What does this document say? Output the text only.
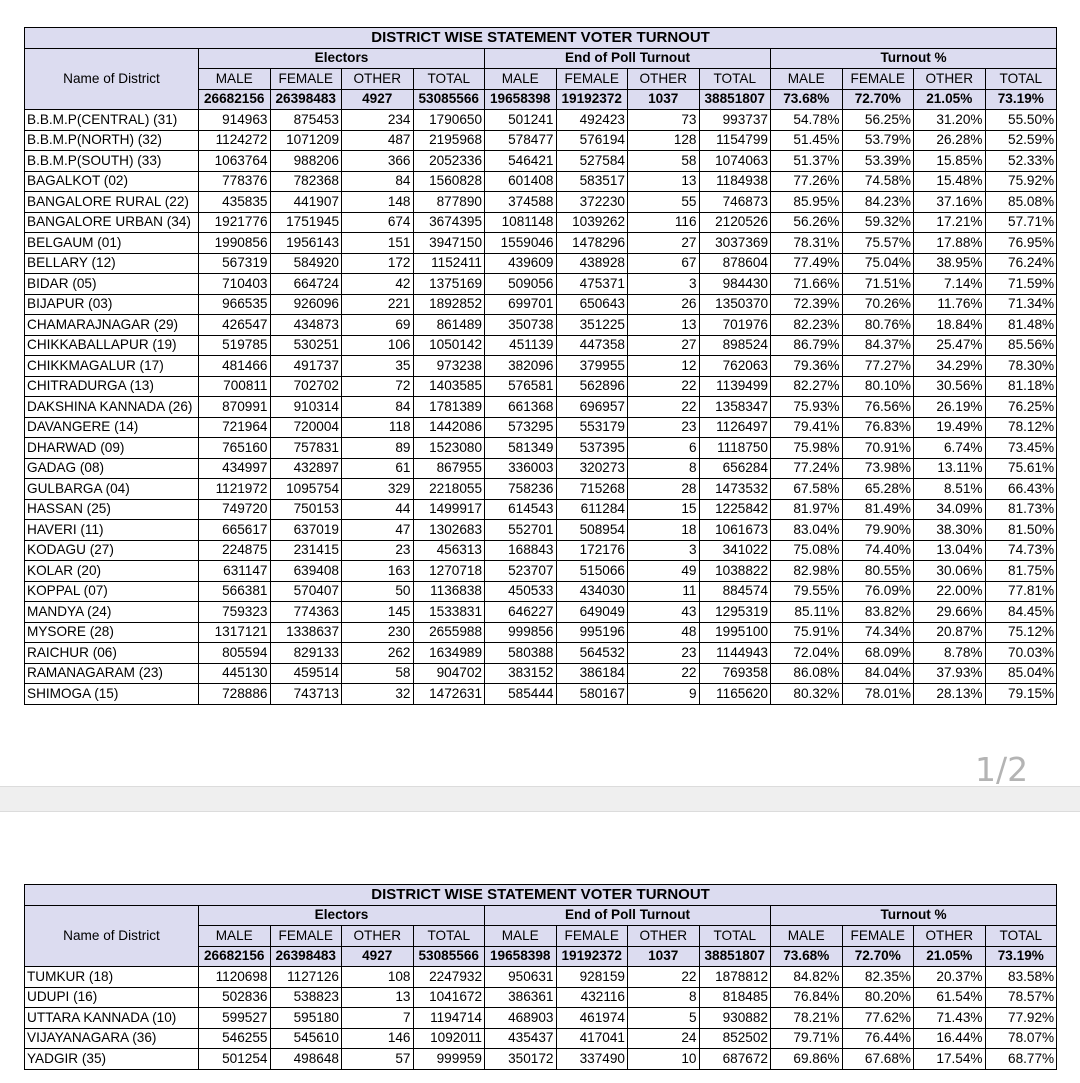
1/2
DISTRICT WISE STATEMENT VOTER TURNOUT												
Name of District	Electors				End of Poll Turnout				Turnout %			
	MALE	FEMALE	OTHER	TOTAL	MALE	FEMALE	OTHER	TOTAL	MALE	FEMALE	OTHER	TOTAL
	26682156	26398483	4927	53085566	19658398	19192372	1037	38851807	73.68%	72.70%	21.05%	73.19%
B.B.M.P(CENTRAL) (31)	914963	875453	234	1790650	501241	492423	73	993737	54.78%	56.25%	31.20%	55.50%
B.B.M.P(NORTH) (32)	1124272	1071209	487	2195968	578477	576194	128	1154799	51.45%	53.79%	26.28%	52.59%
B.B.M.P(SOUTH) (33)	1063764	988206	366	2052336	546421	527584	58	1074063	51.37%	53.39%	15.85%	52.33%
BAGALKOT (02)	778376	782368	84	1560828	601408	583517	13	1184938	77.26%	74.58%	15.48%	75.92%
BANGALORE RURAL (22)	435835	441907	148	877890	374588	372230	55	746873	85.95%	84.23%	37.16%	85.08%
BANGALORE URBAN (34)	1921776	1751945	674	3674395	1081148	1039262	116	2120526	56.26%	59.32%	17.21%	57.71%
BELGAUM (01)	1990856	1956143	151	3947150	1559046	1478296	27	3037369	78.31%	75.57%	17.88%	76.95%
BELLARY (12)	567319	584920	172	1152411	439609	438928	67	878604	77.49%	75.04%	38.95%	76.24%
BIDAR (05)	710403	664724	42	1375169	509056	475371	3	984430	71.66%	71.51%	7.14%	71.59%
BIJAPUR (03)	966535	926096	221	1892852	699701	650643	26	1350370	72.39%	70.26%	11.76%	71.34%
CHAMARAJNAGAR (29)	426547	434873	69	861489	350738	351225	13	701976	82.23%	80.76%	18.84%	81.48%
CHIKKABALLAPUR (19)	519785	530251	106	1050142	451139	447358	27	898524	86.79%	84.37%	25.47%	85.56%
CHIKKMAGALUR (17)	481466	491737	35	973238	382096	379955	12	762063	79.36%	77.27%	34.29%	78.30%
CHITRADURGA (13)	700811	702702	72	1403585	576581	562896	22	1139499	82.27%	80.10%	30.56%	81.18%
DAKSHINA KANNADA (26)	870991	910314	84	1781389	661368	696957	22	1358347	75.93%	76.56%	26.19%	76.25%
DAVANGERE (14)	721964	720004	118	1442086	573295	553179	23	1126497	79.41%	76.83%	19.49%	78.12%
DHARWAD (09)	765160	757831	89	1523080	581349	537395	6	1118750	75.98%	70.91%	6.74%	73.45%
GADAG (08)	434997	432897	61	867955	336003	320273	8	656284	77.24%	73.98%	13.11%	75.61%
GULBARGA (04)	1121972	1095754	329	2218055	758236	715268	28	1473532	67.58%	65.28%	8.51%	66.43%
HASSAN (25)	749720	750153	44	1499917	614543	611284	15	1225842	81.97%	81.49%	34.09%	81.73%
HAVERI (11)	665617	637019	47	1302683	552701	508954	18	1061673	83.04%	79.90%	38.30%	81.50%
KODAGU (27)	224875	231415	23	456313	168843	172176	3	341022	75.08%	74.40%	13.04%	74.73%
KOLAR (20)	631147	639408	163	1270718	523707	515066	49	1038822	82.98%	80.55%	30.06%	81.75%
KOPPAL (07)	566381	570407	50	1136838	450533	434030	11	884574	79.55%	76.09%	22.00%	77.81%
MANDYA (24)	759323	774363	145	1533831	646227	649049	43	1295319	85.11%	83.82%	29.66%	84.45%
MYSORE (28)	1317121	1338637	230	2655988	999856	995196	48	1995100	75.91%	74.34%	20.87%	75.12%
RAICHUR (06)	805594	829133	262	1634989	580388	564532	23	1144943	72.04%	68.09%	8.78%	70.03%
RAMANAGARAM (23)	445130	459514	58	904702	383152	386184	22	769358	86.08%	84.04%	37.93%	85.04%
SHIMOGA (15)	728886	743713	32	1472631	585444	580167	9	1165620	80.32%	78.01%	28.13%	79.15%
DISTRICT WISE STATEMENT VOTER TURNOUT												
Name of District	Electors				End of Poll Turnout				Turnout %			
	MALE	FEMALE	OTHER	TOTAL	MALE	FEMALE	OTHER	TOTAL	MALE	FEMALE	OTHER	TOTAL
	26682156	26398483	4927	53085566	19658398	19192372	1037	38851807	73.68%	72.70%	21.05%	73.19%
TUMKUR (18)	1120698	1127126	108	2247932	950631	928159	22	1878812	84.82%	82.35%	20.37%	83.58%
UDUPI (16)	502836	538823	13	1041672	386361	432116	8	818485	76.84%	80.20%	61.54%	78.57%
UTTARA KANNADA (10)	599527	595180	7	1194714	468903	461974	5	930882	78.21%	77.62%	71.43%	77.92%
VIJAYANAGARA (36)	546255	545610	146	1092011	435437	417041	24	852502	79.71%	76.44%	16.44%	78.07%
YADGIR (35)	501254	498648	57	999959	350172	337490	10	687672	69.86%	67.68%	17.54%	68.77%
